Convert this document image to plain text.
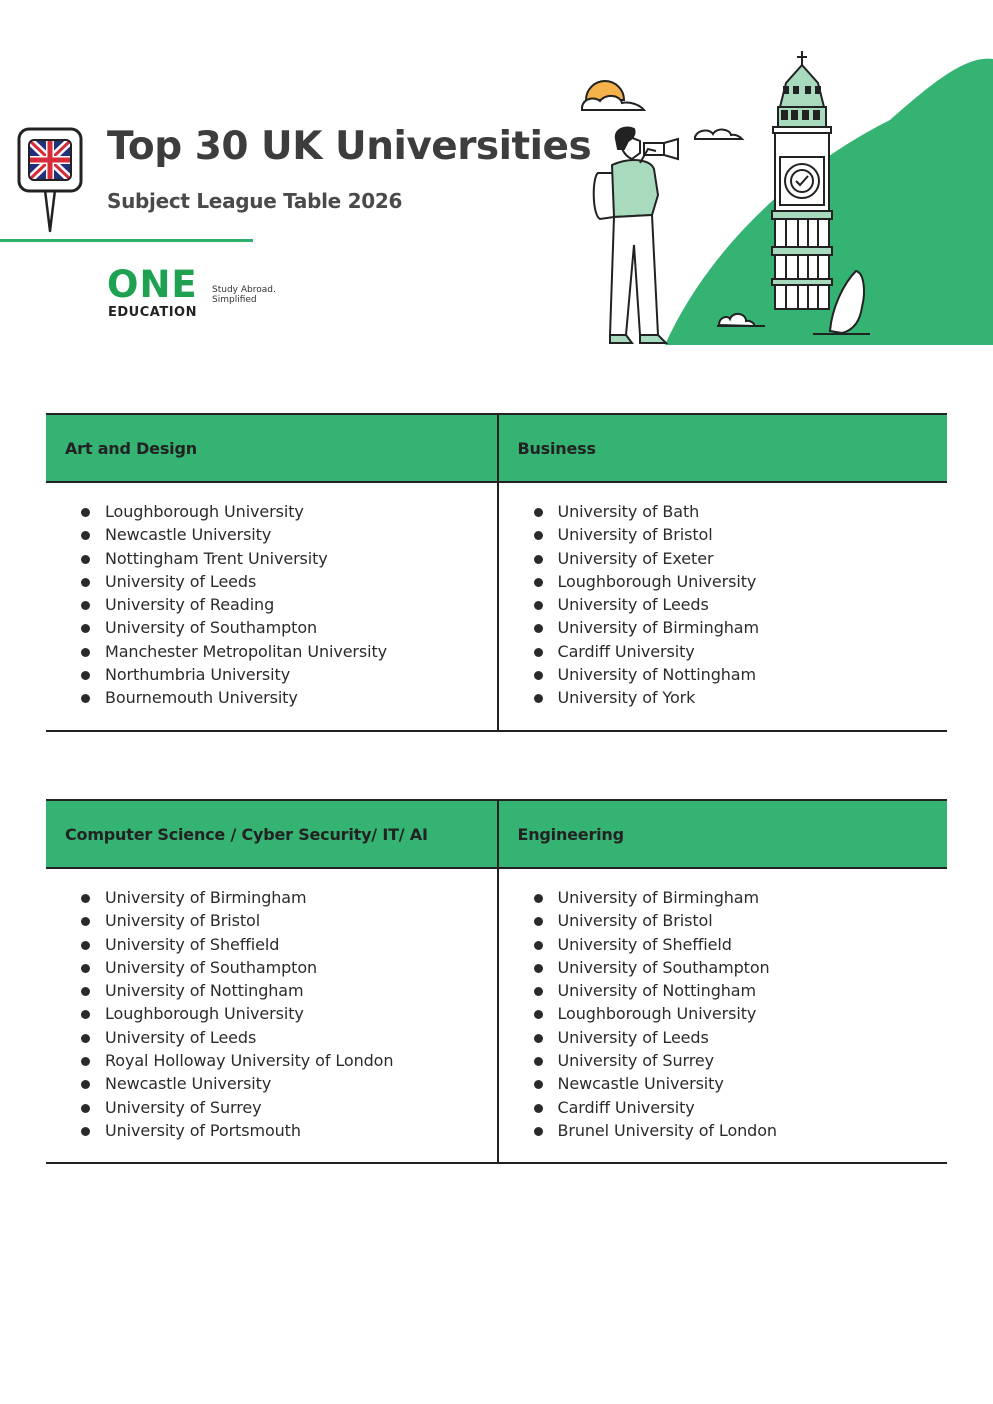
Top 30 UK Universities
Subject League Table 2026
ONE
EDUCATION
Study Abroad.
Simplified
Art and Design	Business
Loughborough University
Newcastle University
Nottingham Trent University
University of Leeds
University of Reading
University of Southampton
Manchester Metropolitan University
Northumbria University
Bournemouth University
University of Bath
University of Bristol
University of Exeter
Loughborough University
University of Leeds
University of Birmingham
Cardiff University
University of Nottingham
University of York
Computer Science / Cyber Security/ IT/ AI	Engineering
University of Birmingham
University of Bristol
University of Sheffield
University of Southampton
University of Nottingham
Loughborough University
University of Leeds
Royal Holloway University of London
Newcastle University
University of Surrey
University of Portsmouth
University of Birmingham
University of Bristol
University of Sheffield
University of Southampton
University of Nottingham
Loughborough University
University of Leeds
University of Surrey
Newcastle University
Cardiff University
Brunel University of London
